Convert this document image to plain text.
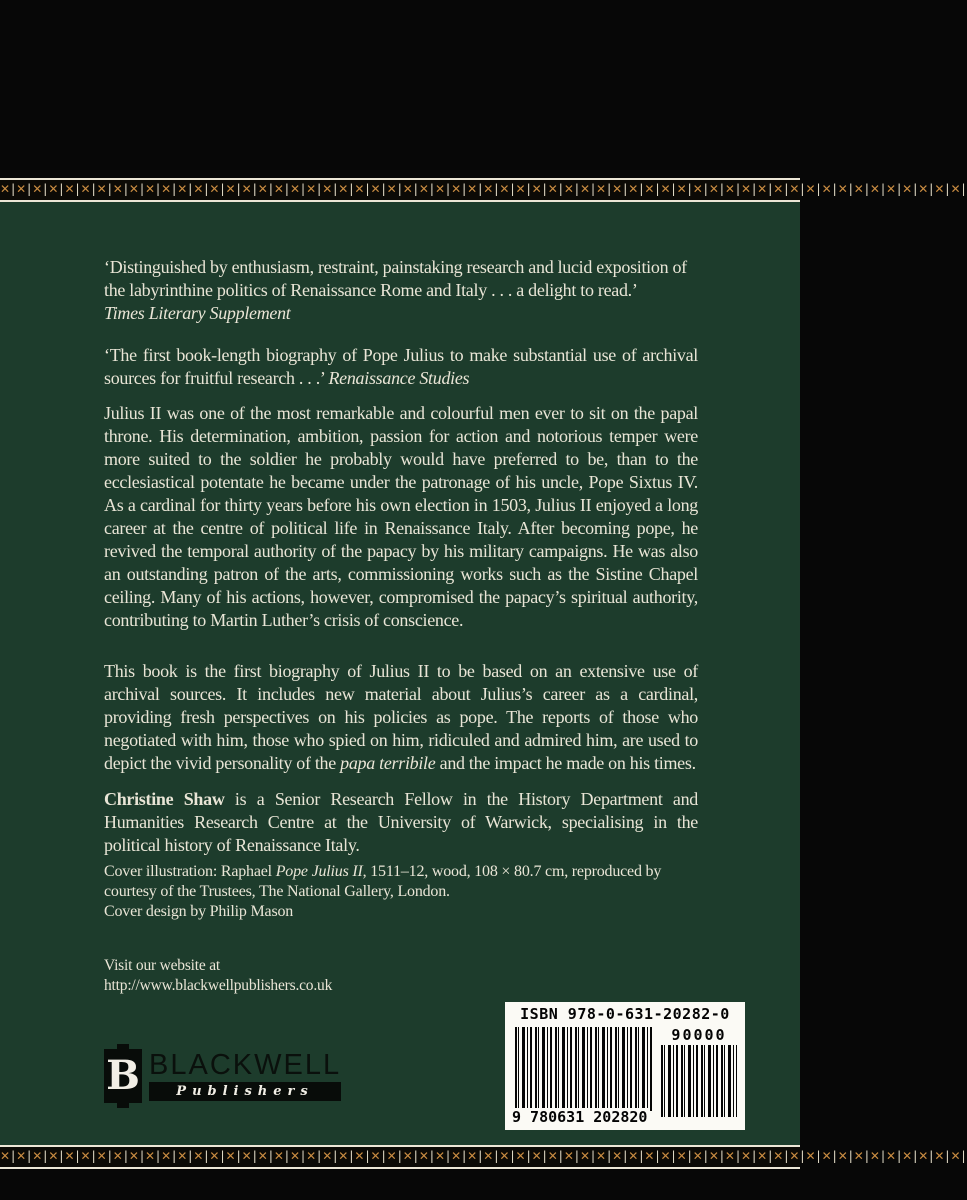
✕|✕|✕|✕|✕|✕|✕|✕|✕|✕|✕|✕|✕|✕|✕|✕|✕|✕|✕|✕|✕|✕|✕|✕|✕|✕|✕|✕|✕|✕|✕|✕|✕|✕|✕|✕|✕|✕|✕|✕|✕|✕|✕|✕|✕|✕|✕|✕|✕|✕|✕|✕|✕|✕|✕|✕|✕|✕|✕|✕|

‘Distinguished by enthusiasm, restraint, painstaking research and lucid exposition of the labyrinthine politics of Renaissance Rome and Italy . . . a delight to read.’
Times Literary Supplement

‘The first book-length biography of Pope Julius to make substantial use of archival sources for fruitful research . . .’ Renaissance Studies

Julius II was one of the most remarkable and colourful men ever to sit on the papal throne. His determination, ambition, passion for action and notorious temper were more suited to the soldier he probably would have preferred to be, than to the ecclesiastical potentate he became under the patronage of his uncle, Pope Sixtus IV. As a cardinal for thirty years before his own election in 1503, Julius II enjoyed a long career at the centre of political life in Renaissance Italy. After becoming pope, he revived the temporal authority of the papacy by his military campaigns. He was also an outstanding patron of the arts, commissioning works such as the Sistine Chapel ceiling. Many of his actions, however, compromised the papacy’s spiritual authority, contributing to Martin Luther’s crisis of conscience.

This book is the first biography of Julius II to be based on an extensive use of archival sources. It includes new material about Julius’s career as a cardinal, providing fresh perspectives on his policies as pope. The reports of those who negotiated with him, those who spied on him, ridiculed and admired him, are used to depict the vivid personality of the papa terribile and the impact he made on his times.

Christine Shaw is a Senior Research Fellow in the History Department and Humanities Research Centre at the University of Warwick, specialising in the political history of Renaissance Italy.

Cover illustration: Raphael Pope Julius II, 1511–12, wood, 108 × 80.7 cm, reproduced by courtesy of the Trustees, The National Gallery, London.
Cover design by Philip Mason

Visit our website at
http://www.blackwellpublishers.co.uk

B BLACKWELL
Publishers
ISBN 978-0-631-20282-0
9 780631 202820
90000
✕|✕|✕|✕|✕|✕|✕|✕|✕|✕|✕|✕|✕|✕|✕|✕|✕|✕|✕|✕|✕|✕|✕|✕|✕|✕|✕|✕|✕|✕|✕|✕|✕|✕|✕|✕|✕|✕|✕|✕|✕|✕|✕|✕|✕|✕|✕|✕|✕|✕|✕|✕|✕|✕|✕|✕|✕|✕|✕|✕|
